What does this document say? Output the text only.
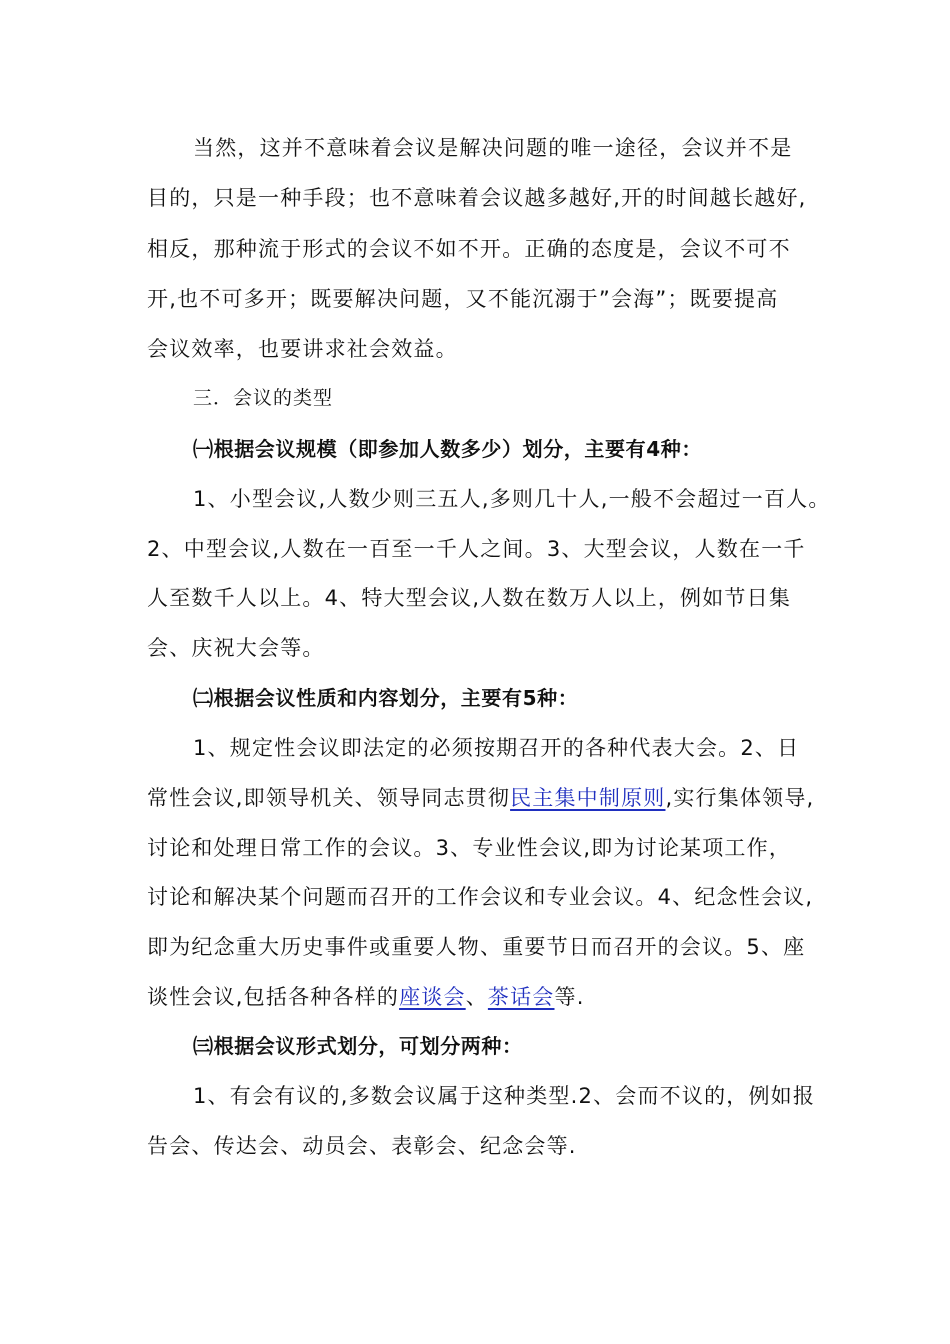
当然，这并不意味着会议是解决问题的唯一途径，会议并不是
目的，只是一种手段；也不意味着会议越多越好,开的时间越长越好,
相反，那种流于形式的会议不如不开。正确的态度是，会议不可不
开,也不可多开；既要解决问题，又不能沉溺于”会海”；既要提高
会议效率，也要讲求社会效益。
三．会议的类型
㈠根据会议规模（即参加人数多少）划分，主要有4种：
1、小型会议,人数少则三五人,多则几十人,一般不会超过一百人。
2、中型会议,人数在一百至一千人之间。3、大型会议，人数在一千
人至数千人以上。4、特大型会议,人数在数万人以上，例如节日集
会、庆祝大会等。
㈡根据会议性质和内容划分，主要有5种：
1、规定性会议即法定的必须按期召开的各种代表大会。2、日
常性会议,即领导机关、领导同志贯彻民主集中制原则,实行集体领导,
讨论和处理日常工作的会议。3、专业性会议,即为讨论某项工作，
讨论和解决某个问题而召开的工作会议和专业会议。4、纪念性会议,
即为纪念重大历史事件或重要人物、重要节日而召开的会议。5、座
谈性会议,包括各种各样的座谈会、茶话会等.
㈢根据会议形式划分，可划分两种：
1、有会有议的,多数会议属于这种类型.2、会而不议的，例如报
告会、传达会、动员会、表彰会、纪念会等.
